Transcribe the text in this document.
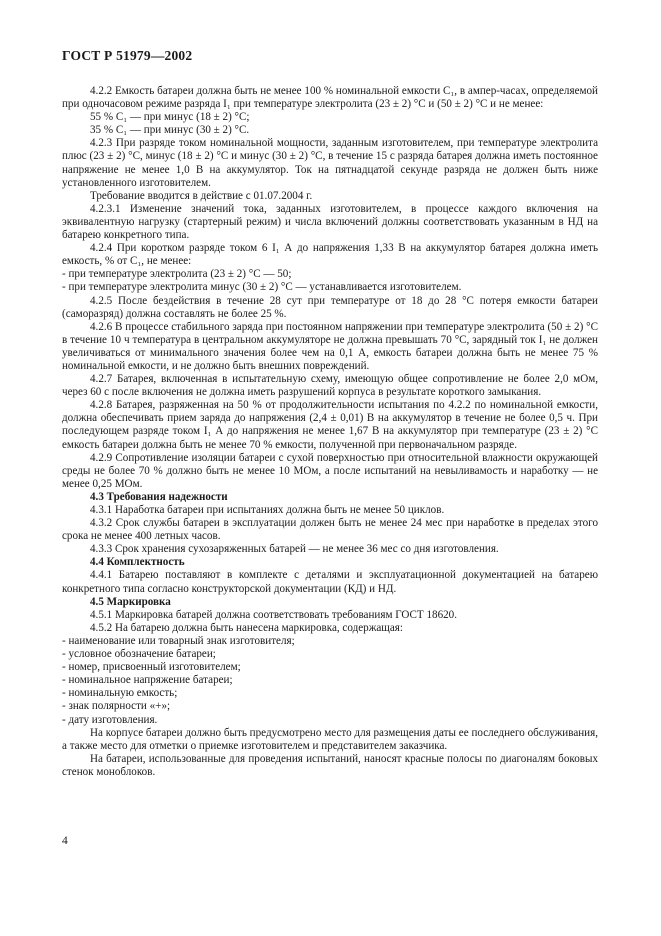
ГОСТ Р 51979—2002

4.2.2 Емкость батареи должна быть не менее 100 % номинальной емкости C₁, в ампер-часах, определяемой при одночасовом режиме разряда I₁ при температуре электролита (23 ± 2) °С и (50 ± 2) °С и не менее:

55 % C₁ — при минус (18 ± 2) °С;

35 % C₁ — при минус (30 ± 2) °С.

4.2.3 При разряде током номинальной мощности, заданным изготовителем, при температуре электролита плюс (23 ± 2) °С, минус (18 ± 2) °С и минус (30 ± 2) °С, в течение 15 с разряда батарея должна иметь постоянное напряжение не менее 1,0 В на аккумулятор. Ток на пятнадцатой секунде разряда не должен быть ниже установленного изготовителем.

Требование вводится в действие с 01.07.2004 г.

4.2.3.1 Изменение значений тока, заданных изготовителем, в процессе каждого включения на эквивалентную нагрузку (стартерный режим) и числа включений должны соответствовать указанным в НД на батарею конкретного типа.

4.2.4 При коротком разряде током 6 I₁ А до напряжения 1,33 В на аккумулятор батарея должна иметь емкость, % от C₁, не менее:

- при температуре электролита (23 ± 2) °С — 50;

- при температуре электролита минус (30 ± 2) °С — устанавливается изготовителем.

4.2.5 После бездействия в течение 28 сут при температуре от 18 до 28 °С потеря емкости батареи (саморазряд) должна составлять не более 25 %.

4.2.6 В процессе стабильного заряда при постоянном напряжении при температуре электролита (50 ± 2) °С в течение 10 ч температура в центральном аккумуляторе не должна превышать 70 °С, зарядный ток I₁ не должен увеличиваться от минимального значения более чем на 0,1 А, емкость батареи должна быть не менее 75 % номинальной емкости, и не должно быть внешних повреждений.

4.2.7 Батарея, включенная в испытательную схему, имеющую общее сопротивление не более 2,0 мОм, через 60 с после включения не должна иметь разрушений корпуса в результате короткого замыкания.

4.2.8 Батарея, разряженная на 50 % от продолжительности испытания по 4.2.2 по номинальной емкости, должна обеспечивать прием заряда до напряжения (2,4 ± 0,01) В на аккумулятор в течение не более 0,5 ч. При последующем разряде током I₁ А до напряжения не менее 1,67 В на аккумулятор при температуре (23 ± 2) °С емкость батареи должна быть не менее 70 % емкости, полученной при первоначальном разряде.

4.2.9 Сопротивление изоляции батареи с сухой поверхностью при относительной влажности окружающей среды не более 70 % должно быть не менее 10 МОм, а после испытаний на невыливамость и наработку — не менее 0,25 МОм.

4.3 Требования надежности

4.3.1 Наработка батареи при испытаниях должна быть не менее 50 циклов.

4.3.2 Срок службы батареи в эксплуатации должен быть не менее 24 мес при наработке в пределах этого срока не менее 400 летных часов.

4.3.3 Срок хранения сухозаряженных батарей — не менее 36 мес со дня изготовления.

4.4 Комплектность

4.4.1 Батарею поставляют в комплекте с деталями и эксплуатационной документацией на батарею конкретного типа согласно конструкторской документации (КД) и НД.

4.5 Маркировка

4.5.1 Маркировка батарей должна соответствовать требованиям ГОСТ 18620.

4.5.2 На батарею должна быть нанесена маркировка, содержащая:

- наименование или товарный знак изготовителя;

- условное обозначение батареи;

- номер, присвоенный изготовителем;

- номинальное напряжение батареи;

- номинальную емкость;

- знак полярности «+»;

- дату изготовления.

На корпусе батареи должно быть предусмотрено место для размещения даты ее последнего обслуживания, а также место для отметки о приемке изготовителем и представителем заказчика.

На батареи, использованные для проведения испытаний, наносят красные полосы по диагоналям боковых стенок моноблоков.

4
